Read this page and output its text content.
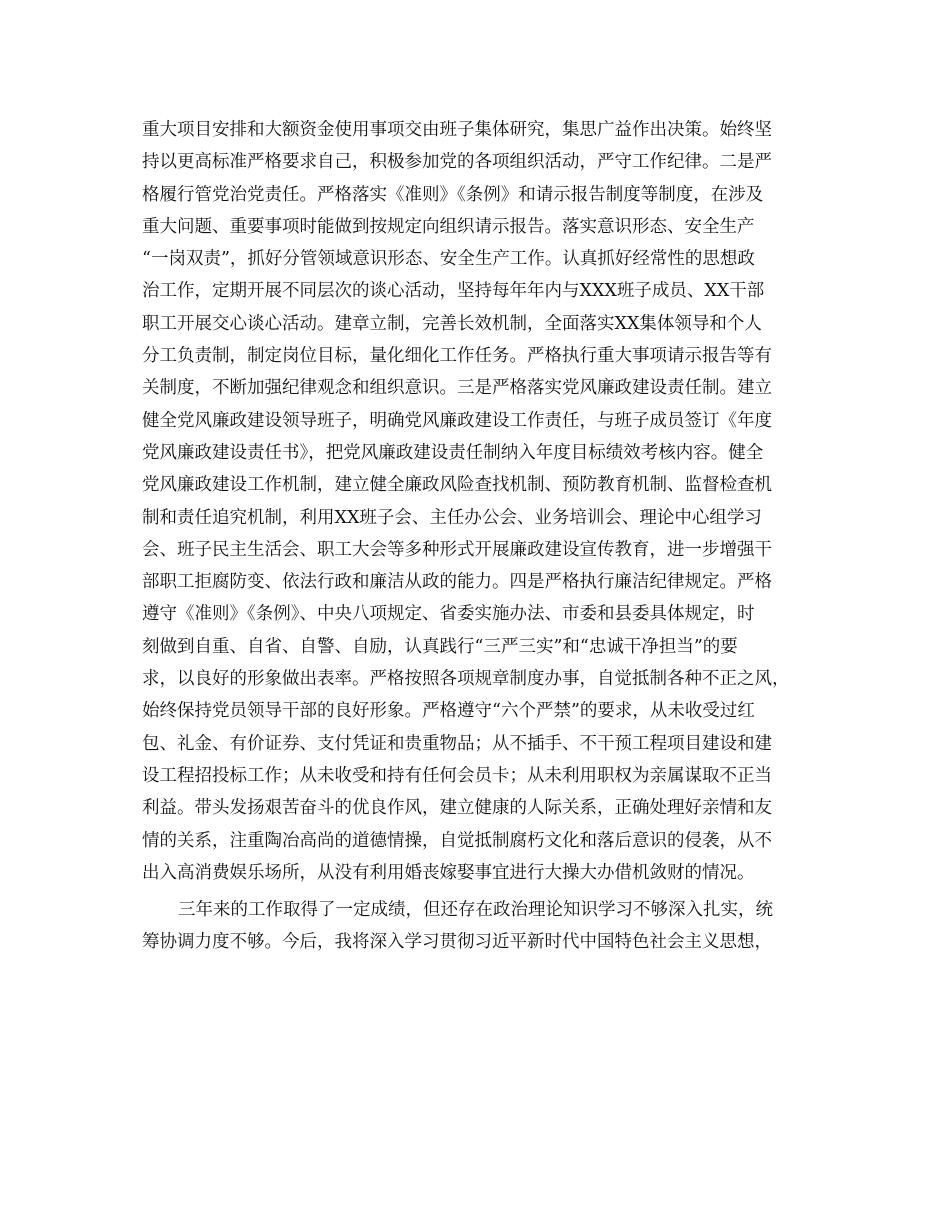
重大项目安排和大额资金使用事项交由班子集体研究，集思广益作出决策。始终坚
持以更高标准严格要求自己，积极参加党的各项组织活动，严守工作纪律。二是严
格履行管党治党责任。严格落实《准则》《条例》和请示报告制度等制度，在涉及
重大问题、重要事项时能做到按规定向组织请示报告。落实意识形态、安全生产
“一岗双责”，抓好分管领域意识形态、安全生产工作。认真抓好经常性的思想政
治工作，定期开展不同层次的谈心活动，坚持每年年内与XXX班子成员、XX干部
职工开展交心谈心活动。建章立制，完善长效机制，全面落实XX集体领导和个人
分工负责制，制定岗位目标，量化细化工作任务。严格执行重大事项请示报告等有
关制度，不断加强纪律观念和组织意识。三是严格落实党风廉政建设责任制。建立
健全党风廉政建设领导班子，明确党风廉政建设工作责任，与班子成员签订《年度
党风廉政建设责任书》，把党风廉政建设责任制纳入年度目标绩效考核内容。健全
党风廉政建设工作机制，建立健全廉政风险查找机制、预防教育机制、监督检查机
制和责任追究机制，利用XX班子会、主任办公会、业务培训会、理论中心组学习
会、班子民主生活会、职工大会等多种形式开展廉政建设宣传教育，进一步增强干
部职工拒腐防变、依法行政和廉洁从政的能力。四是严格执行廉洁纪律规定。严格
遵守《准则》《条例》、中央八项规定、省委实施办法、市委和县委具体规定，时
刻做到自重、自省、自警、自励，认真践行“三严三实”和“忠诚干净担当”的要
求，以良好的形象做出表率。严格按照各项规章制度办事，自觉抵制各种不正之风，
始终保持党员领导干部的良好形象。严格遵守“六个严禁”的要求，从未收受过红
包、礼金、有价证券、支付凭证和贵重物品；从不插手、不干预工程项目建设和建
设工程招投标工作；从未收受和持有任何会员卡；从未利用职权为亲属谋取不正当
利益。带头发扬艰苦奋斗的优良作风，建立健康的人际关系，正确处理好亲情和友
情的关系，注重陶冶高尚的道德情操，自觉抵制腐朽文化和落后意识的侵袭，从不
出入高消费娱乐场所，从没有利用婚丧嫁娶事宜进行大操大办借机敛财的情况。
三年来的工作取得了一定成绩，但还存在政治理论知识学习不够深入扎实，统
筹协调力度不够。今后，我将深入学习贯彻习近平新时代中国特色社会主义思想，
